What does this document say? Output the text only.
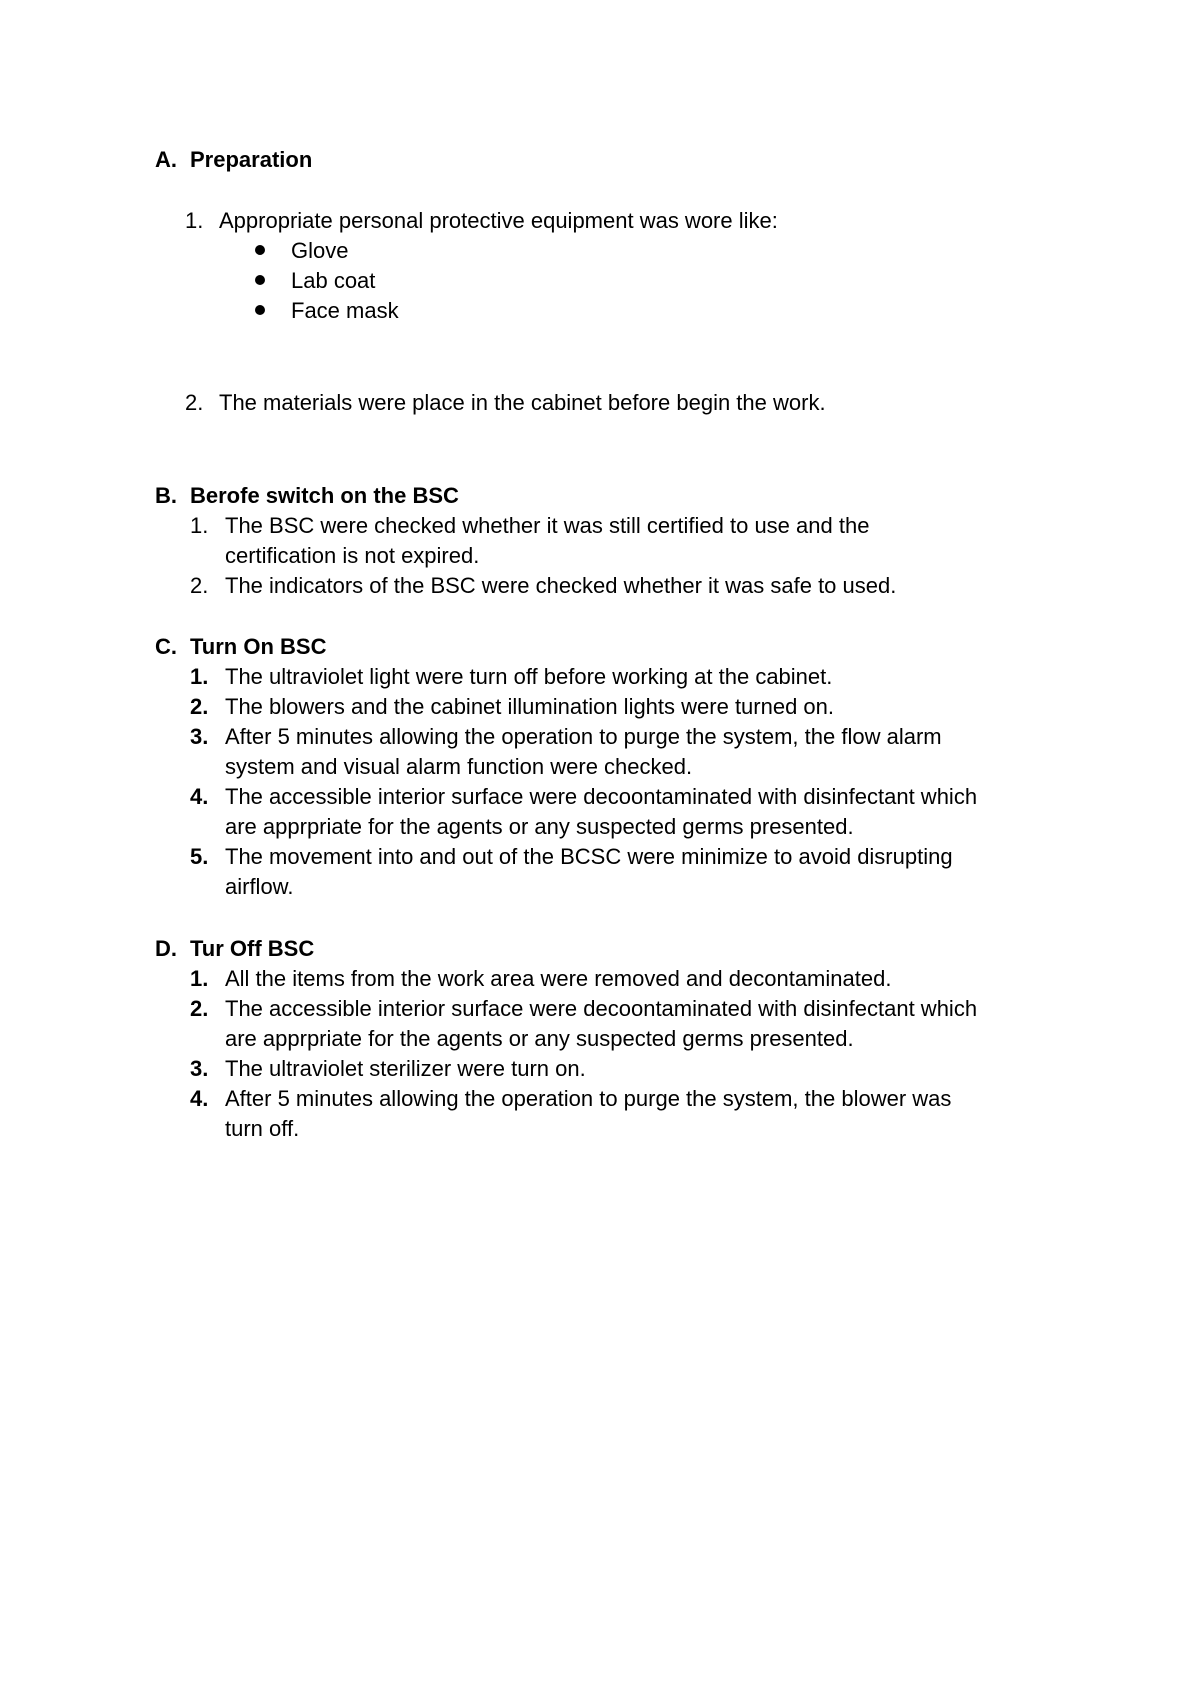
A. Preparation
1. Appropriate personal protective equipment was wore like:
Glove
Lab coat
Face mask
2. The materials were place in the cabinet before begin the work.
B. Berofe switch on the BSC
1. The BSC were checked whether it was still certified to use and the
certification is not expired.
2. The indicators of the BSC were checked whether it was safe to used.
C. Turn On BSC
1. The ultraviolet light were turn off before working at the cabinet.
2. The blowers and the cabinet illumination lights were turned on.
3. After 5 minutes allowing the operation to purge the system, the flow alarm
system and visual alarm function were checked.
4. The accessible interior surface were decoontaminated with disinfectant which
are apprpriate for the agents or any suspected germs presented.
5. The movement into and out of the BCSC were minimize to avoid disrupting
airflow.
D. Tur Off BSC
1. All the items from the work area were removed and decontaminated.
2. The accessible interior surface were decoontaminated with disinfectant which
are apprpriate for the agents or any suspected germs presented.
3. The ultraviolet sterilizer were turn on.
4. After 5 minutes allowing the operation to purge the system, the blower was
turn off.
